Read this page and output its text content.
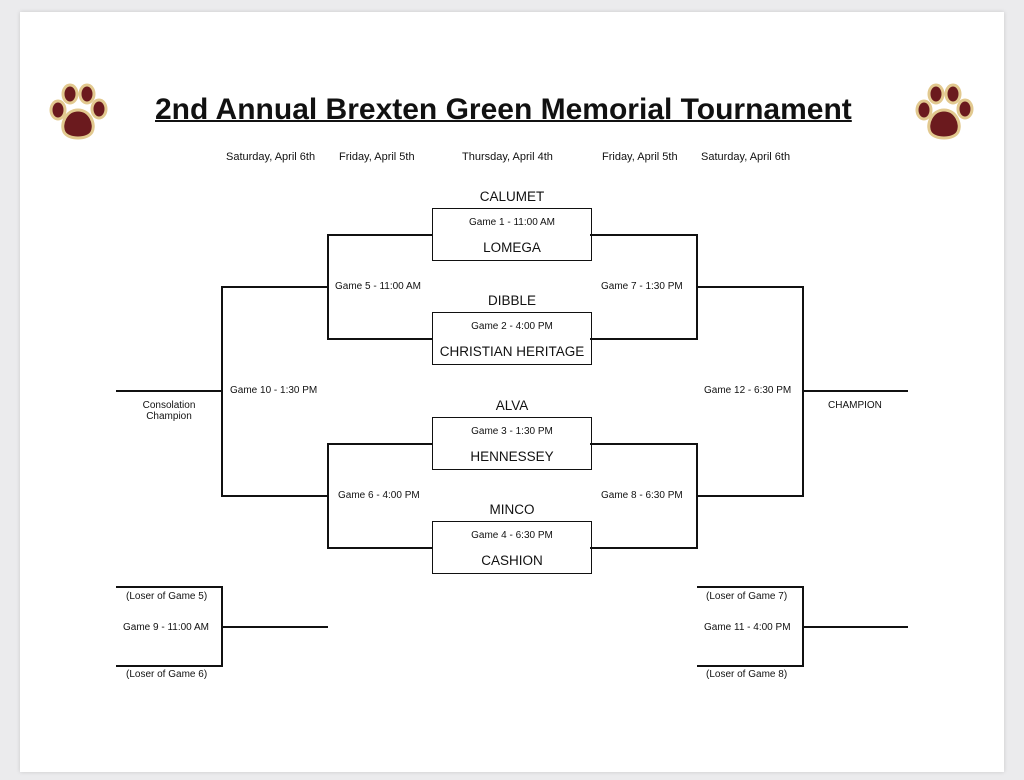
2nd Annual Brexten Green Memorial Tournament
Saturday, April 6th Friday, April 5th	Thursday, April 4th	Friday, April 5th Saturday, April 6th
CALUMET
Game 1 - 11:00 AM
LOMEGA
DIBBLE
Game 2 - 4:00 PM
CHRISTIAN HERITAGE
ALVA
Game 3 - 1:30 PM
HENNESSEY
MINCO
Game 4 - 6:30 PM
CASHION
Game 5 - 11:00 AM
Game 6 - 4:00 PM
Game 7 - 1:30 PM
Game 8 - 6:30 PM
Game 10 - 1:30 PM	Game 12 - 6:30 PM
Consolation
Champion
CHAMPION
(Loser of Game 5)
Game 9 - 11:00 AM
(Loser of Game 6)
(Loser of Game 7)
Game 11 - 4:00 PM
(Loser of Game 8)
